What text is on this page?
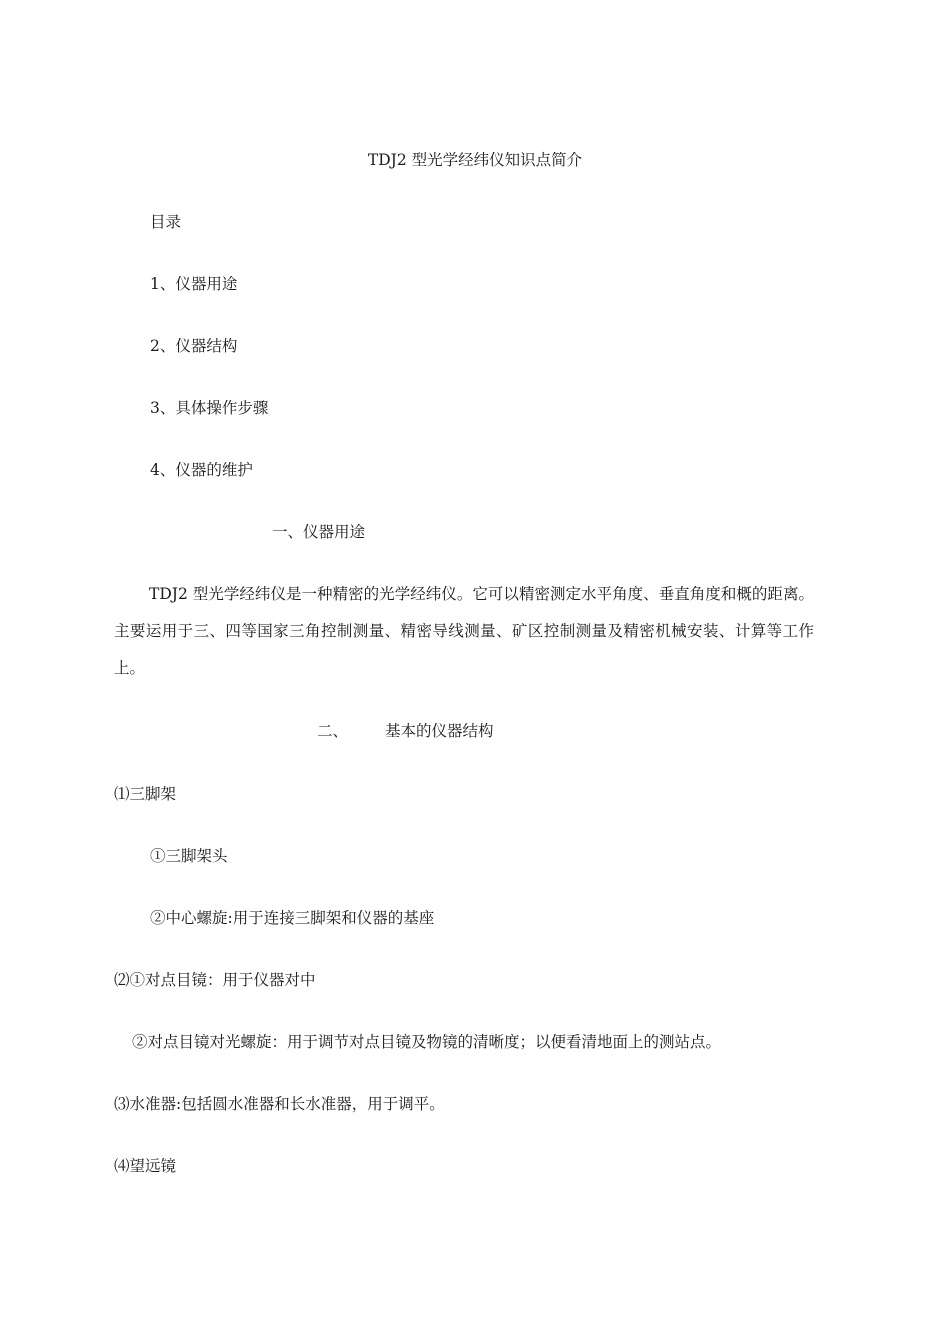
TDJ2 型光学经纬仪知识点简介
目录
1、仪器用途
2、仪器结构
3、具体操作步骤
4、仪器的维护
一、仪器用途
TDJ2 型光学经纬仪是一种精密的光学经纬仪。它可以精密测定水平角度、垂直角度和概的距离。主要运用于三、四等国家三角控制测量、精密导线测量、矿区控制测量及精密机械安装、计算等工作上。
二、 基本的仪器结构
⑴三脚架
①三脚架头
②中心螺旋:用于连接三脚架和仪器的基座
⑵①对点目镜：用于仪器对中
②对点目镜对光螺旋：用于调节对点目镜及物镜的清晰度；以便看清地面上的测站点。
⑶水准器:包括圆水准器和长水准器，用于调平。
⑷望远镜
